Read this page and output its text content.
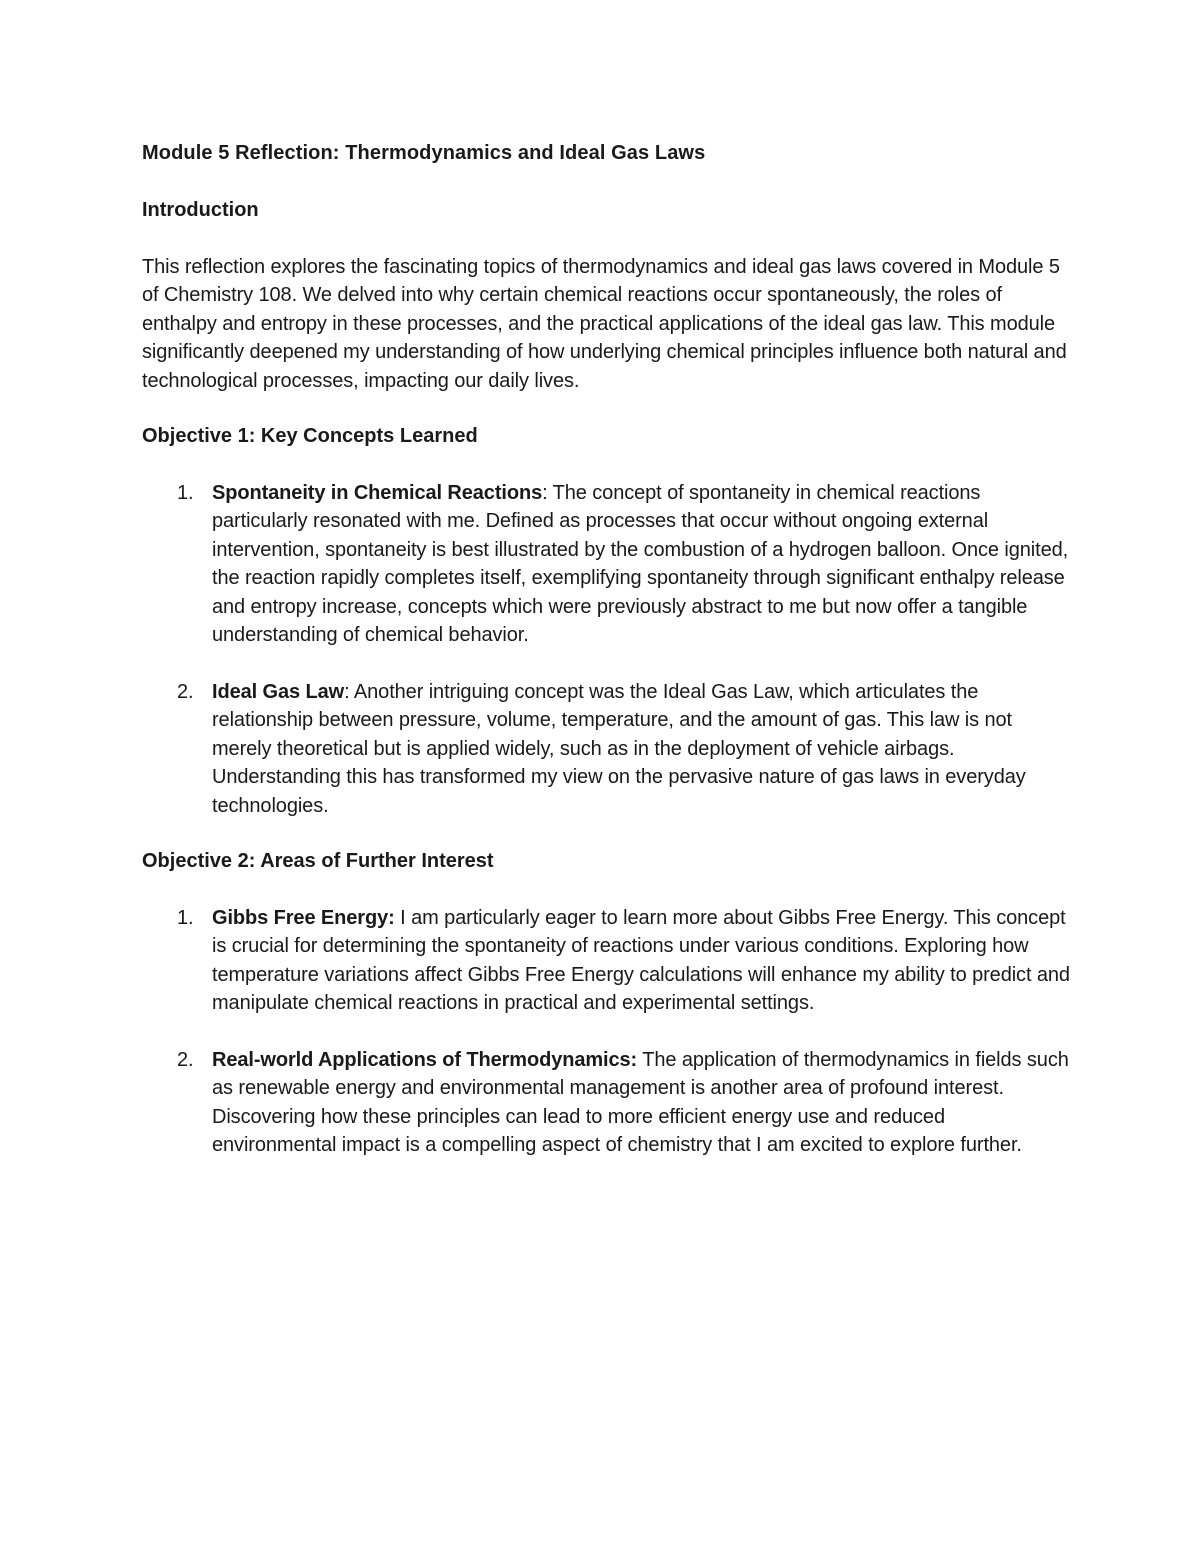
Module 5 Reflection: Thermodynamics and Ideal Gas Laws
Introduction

This reflection explores the fascinating topics of thermodynamics and ideal gas laws covered in Module 5 of Chemistry 108. We delved into why certain chemical reactions occur spontaneously, the roles of enthalpy and entropy in these processes, and the practical applications of the ideal gas law. This module significantly deepened my understanding of how underlying chemical principles influence both natural and technological processes, impacting our daily lives.

Objective 1: Key Concepts Learned
1. Spontaneity in Chemical Reactions: The concept of spontaneity in chemical reactions particularly resonated with me. Defined as processes that occur without ongoing external intervention, spontaneity is best illustrated by the combustion of a hydrogen balloon. Once ignited, the reaction rapidly completes itself, exemplifying spontaneity through significant enthalpy release and entropy increase, concepts which were previously abstract to me but now offer a tangible understanding of chemical behavior.
2. Ideal Gas Law: Another intriguing concept was the Ideal Gas Law, which articulates the relationship between pressure, volume, temperature, and the amount of gas. This law is not merely theoretical but is applied widely, such as in the deployment of vehicle airbags. Understanding this has transformed my view on the pervasive nature of gas laws in everyday technologies.
Objective 2: Areas of Further Interest
1. Gibbs Free Energy: I am particularly eager to learn more about Gibbs Free Energy. This concept is crucial for determining the spontaneity of reactions under various conditions. Exploring how temperature variations affect Gibbs Free Energy calculations will enhance my ability to predict and manipulate chemical reactions in practical and experimental settings.
2. Real-world Applications of Thermodynamics: The application of thermodynamics in fields such as renewable energy and environmental management is another area of profound interest. Discovering how these principles can lead to more efficient energy use and reduced environmental impact is a compelling aspect of chemistry that I am excited to explore further.
